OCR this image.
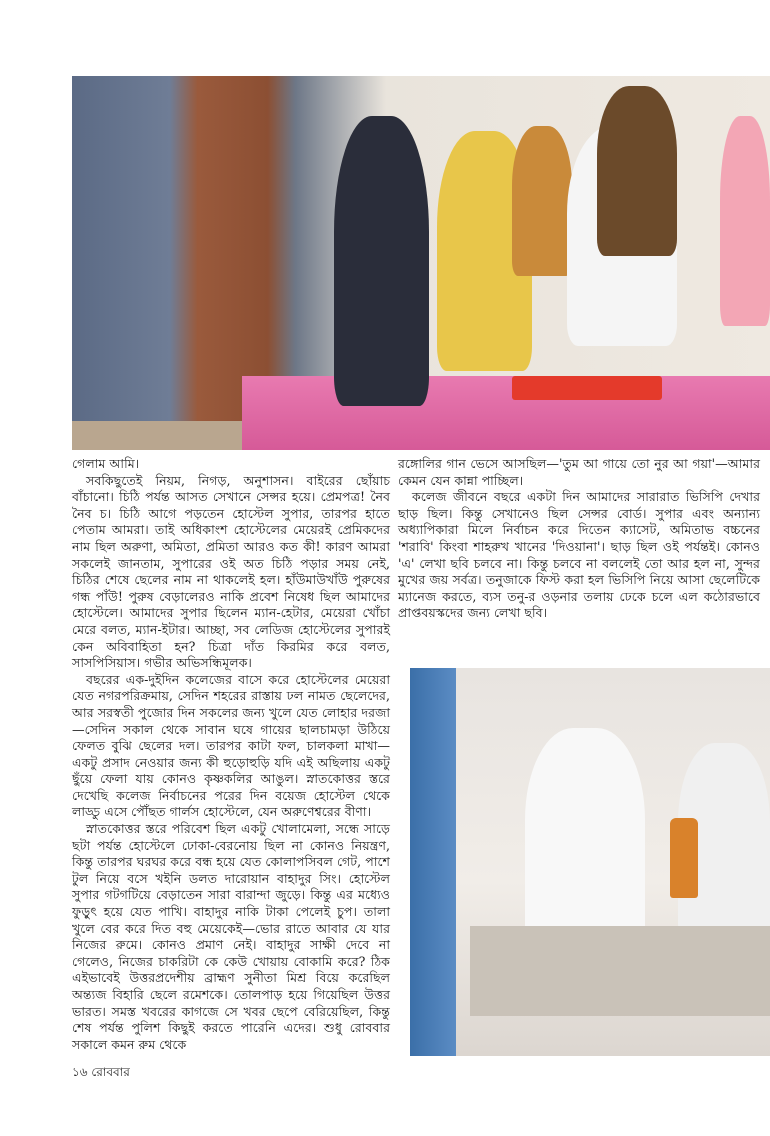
গেলাম আমি।

সবকিছুতেই নিয়ম, নিগড়, অনুশাসন। বাইরের ছোঁয়াচ বাঁচানো। চিঠি পর্যন্ত আসত সেখানে সেন্সর হয়ে। প্রেমপত্র! নৈব নৈব চ। চিঠি আগে পড়তেন হোস্টেল সুপার, তারপর হাতে পেতাম আমরা। তাই অধিকাংশ হোস্টেলের মেয়েরই প্রেমিকদের নাম ছিল অরুণা, অমিতা, প্রমিতা আরও কত কী! কারণ আমরা সকলেই জানতাম, সুপারের ওই অত চিঠি পড়ার সময় নেই, চিঠির শেষে ছেলের নাম না থাকলেই হল। হাঁউমাউখাঁউ পুরুষের গন্ধ পাঁউ! পুরুষ বেড়ালেরও নাকি প্রবেশ নিষেধ ছিল আমাদের হোস্টেলে। আমাদের সুপার ছিলেন ম্যান-হেটার, মেয়েরা খোঁচা মেরে বলত, ম্যান-ইটার। আচ্ছা, সব লেডিজ হোস্টেলের সুপারই কেন অবিবাহিতা হন? চিত্রা দাঁত কিরমির করে বলত, সাসপিসিয়াস। গভীর অভিসন্ধিমূলক।

বছরের এক-দুইদিন কলেজের বাসে করে হোস্টেলের মেয়েরা যেত নগরপরিক্রমায়, সেদিন শহরের রাস্তায় ঢল নামত ছেলেদের, আর সরস্বতী পুজোর দিন সকলের জন্য খুলে যেত লোহার দরজা—সেদিন সকাল থেকে সাবান ঘষে গায়ের ছালচামড়া উঠিয়ে ফেলত বুঝি ছেলের দল। তারপর কাটা ফল, চালকলা মাখা—একটু প্রসাদ নেওয়ার জন্য কী হুড়োহুড়ি যদি এই অছিলায় একটু ছুঁয়ে ফেলা যায় কোনও কৃষ্ণকলির আঙুল। স্নাতকোত্তর স্তরে দেখেছি কলেজ নির্বাচনের পরের দিন বয়েজ হোস্টেল থেকে লাড্ডু এসে পৌঁছত গার্লস হোস্টেলে, যেন অরুণেশ্বরের বীণা।

স্নাতকোত্তর স্তরে পরিবেশ ছিল একটু খোলামেলা, সন্ধে সাড়ে ছটা পর্যন্ত হোস্টেলে ঢোকা-বেরনোয় ছিল না কোনও নিয়ন্ত্রণ, কিন্তু তারপর ঘরঘর করে বন্ধ হয়ে যেত কোলাপসিবল গেট, পাশে টুল নিয়ে বসে খইনি ডলত দারোয়ান বাহাদুর সিং। হোস্টেল সুপার গটগটিয়ে বেড়াতেন সারা বারান্দা জুড়ে। কিন্তু এর মধ্যেও ফুড়ুৎ হয়ে যেত পাখি। বাহাদুর নাকি টাকা পেলেই চুপ। তালা খুলে বের করে দিত বহু মেয়েকেই—ভোর রাতে আবার যে যার নিজের রুমে। কোনও প্রমাণ নেই। বাহাদুর সাক্ষী দেবে না গেলেও, নিজের চাকরিটা কে কেউ খোয়ায় বোকামি করে? ঠিক এইভাবেই উত্তরপ্রদেশীয় ব্রাহ্মণ সুনীতা মিশ্র বিয়ে করেছিল অন্ত্যজ বিহারি ছেলে রমেশকে। তোলপাড় হয়ে গিয়েছিল উত্তর ভারত। সমস্ত খবরের কাগজে সে খবর ছেপে বেরিয়েছিল, কিন্তু শেষ পর্যন্ত পুলিশ কিছুই করতে পারেনি এদের। শুধু রোববার সকালে কমন রুম থেকে

রঙ্গোলির গান ভেসে আসছিল—'তুম আ গায়ে তো নুর আ গয়া'—আমার কেমন যেন কান্না পাচ্ছিল।

কলেজ জীবনে বছরে একটা দিন আমাদের সারারাত ভিসিপি দেখার ছাড় ছিল। কিন্তু সেখানেও ছিল সেন্সর বোর্ড। সুপার এবং অন্যান্য অধ্যাপিকারা মিলে নির্বাচন করে দিতেন ক্যাসেট, অমিতাভ বচ্চনের 'শরাবি' কিংবা শাহরুখ খানের 'দিওয়ানা'। ছাড় ছিল ওই পর্যন্তই। কোনও 'এ' লেখা ছবি চলবে না। কিন্তু চলবে না বললেই তো আর হল না, সুন্দর মুখের জয় সর্বত্র। তনুজাকে ফিস্ট করা হল ভিসিপি নিয়ে আসা ছেলেটিকে ম্যানেজ করতে, ব্যস তনু-র ওড়নার তলায় ঢেকে চলে এল কঠোরভাবে প্রাপ্তবয়স্কদের জন্য লেখা ছবি।

১৬ রোববার
